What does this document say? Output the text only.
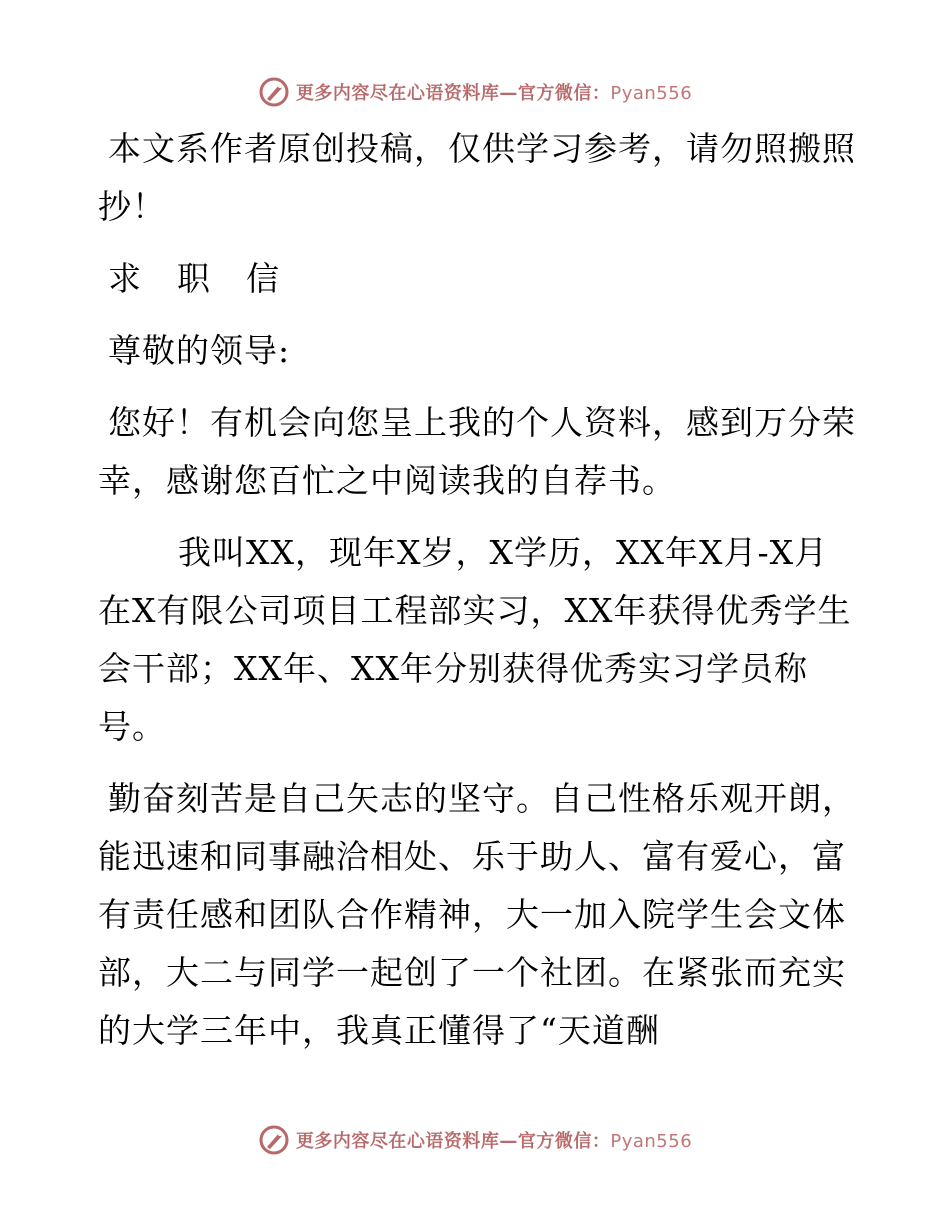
更多内容尽在心语资料库—官方微信：Pyan556

本文系作者原创投稿，仅供学习参考，请勿照搬照抄！

求职信

尊敬的领导:

您好！有机会向您呈上我的个人资料，感到万分荣幸，感谢您百忙之中阅读我的自荐书。

我叫XX，现年X岁，X学历，XX年X月-X月在X有限公司项目工程部实习，XX年获得优秀学生会干部；XX年、XX年分别获得优秀实习学员称号。

勤奋刻苦是自己矢志的坚守。自己性格乐观开朗，能迅速和同事融洽相处、乐于助人、富有爱心，富有责任感和团队合作精神，大一加入院学生会文体部，大二与同学一起创了一个社团。在紧张而充实的大学三年中，我真正懂得了“天道酬

更多内容尽在心语资料库—官方微信：Pyan556
